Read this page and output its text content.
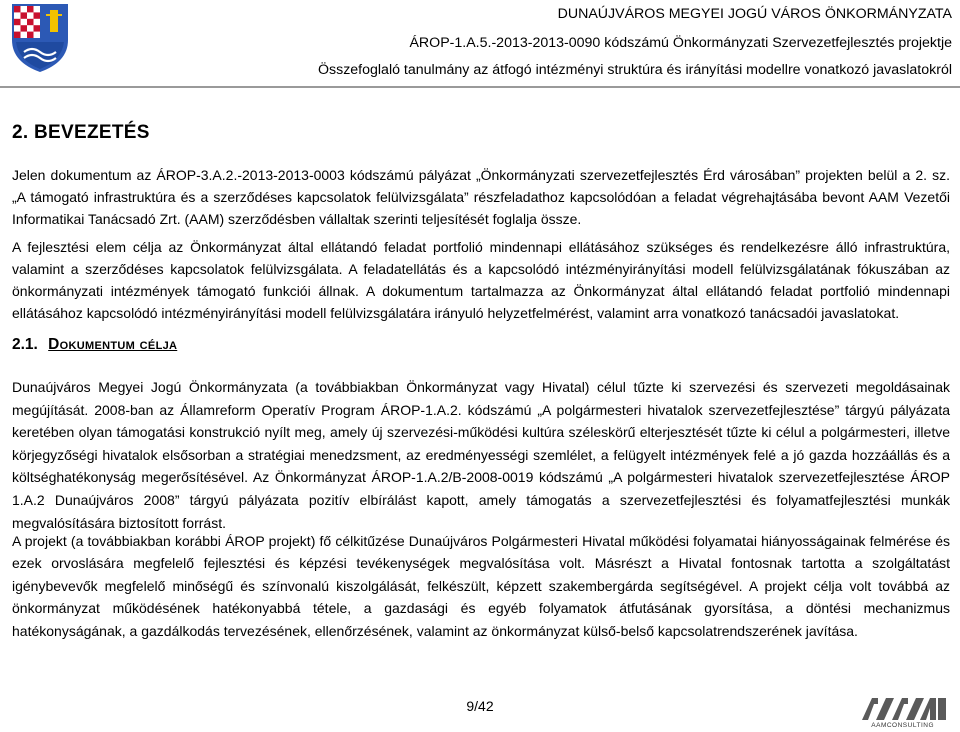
DUNAÚJVÁROS MEGYEI JOGÚ VÁROS ÖNKORMÁNYZATA
ÁROP-1.A.5.-2013-2013-0090 kódszámú Önkormányzati Szervezetfejlesztés projektje
Összefoglaló tanulmány az átfogó intézményi struktúra és irányítási modellre vonatkozó javaslatokról
2. BEVEZETÉS
Jelen dokumentum az ÁROP-3.A.2.-2013-2013-0003 kódszámú pályázat „Önkormányzati szervezetfejlesztés Érd városában” projekten belül a 2. sz. „A támogató infrastruktúra és a szerződéses kapcsolatok felülvizsgálata” részfeladathoz kapcsolódóan a feladat végrehajtásába bevont AAM Vezetői Informatikai Tanácsadó Zrt. (AAM) szerződésben vállaltak szerinti teljesítését foglalja össze.
A fejlesztési elem célja az Önkormányzat által ellátandó feladat portfolió mindennapi ellátásához szükséges és rendelkezésre álló infrastruktúra, valamint a szerződéses kapcsolatok felülvizsgálata. A feladatellátás és a kapcsolódó intézményirányítási modell felülvizsgálatának fókuszában az önkormányzati intézmények támogató funkciói állnak. A dokumentum tartalmazza az Önkormányzat által ellátandó feladat portfolió mindennapi ellátásához kapcsolódó intézményirányítási modell felülvizsgálatára irányuló helyzetfelmérést, valamint arra vonatkozó tanácsadói javaslatokat.
2.1. Dokumentum célja
Dunaújváros Megyei Jogú Önkormányzata (a továbbiakban Önkormányzat vagy Hivatal) célul tűzte ki szervezési és szervezeti megoldásainak megújítását. 2008-ban az Államreform Operatív Program ÁROP-1.A.2. kódszámú „A polgármesteri hivatalok szervezetfejlesztése” tárgyú pályázata keretében olyan támogatási konstrukció nyílt meg, amely új szervezési-működési kultúra széleskörű elterjesztését tűzte ki célul a polgármesteri, illetve körjegyzőségi hivatalok elsősorban a stratégiai menedzsment, az eredményességi szemlélet, a felügyelt intézmények felé a jó gazda hozzáállás és a költséghatékonyság megerősítésével. Az Önkormányzat ÁROP-1.A.2/B-2008-0019 kódszámú „A polgármesteri hivatalok szervezetfejlesztése ÁROP 1.A.2 Dunaújváros 2008” tárgyú pályázata pozitív elbírálást kapott, amely támogatás a szervezetfejlesztési és folyamatfejlesztési munkák megvalósítására biztosított forrást.
A projekt (a továbbiakban korábbi ÁROP projekt) fő célkitűzése Dunaújváros Polgármesteri Hivatal működési folyamatai hiányosságainak felmérése és ezek orvoslására megfelelő fejlesztési és képzési tevékenységek megvalósítása volt. Másrészt a Hivatal fontosnak tartotta a szolgáltatást igénybevevők megfelelő minőségű és színvonalú kiszolgálását, felkészült, képzett szakembergárda segítségével. A projekt célja volt továbbá az önkormányzat működésének hatékonyabbá tétele, a gazdasági és egyéb folyamatok átfutásának gyorsítása, a döntési mechanizmus hatékonyságának, a gazdálkodás tervezésének, ellenőrzésének, valamint az önkormányzat külső-belső kapcsolatrendszerének javítása.
9/42
AAMCONSULTING
